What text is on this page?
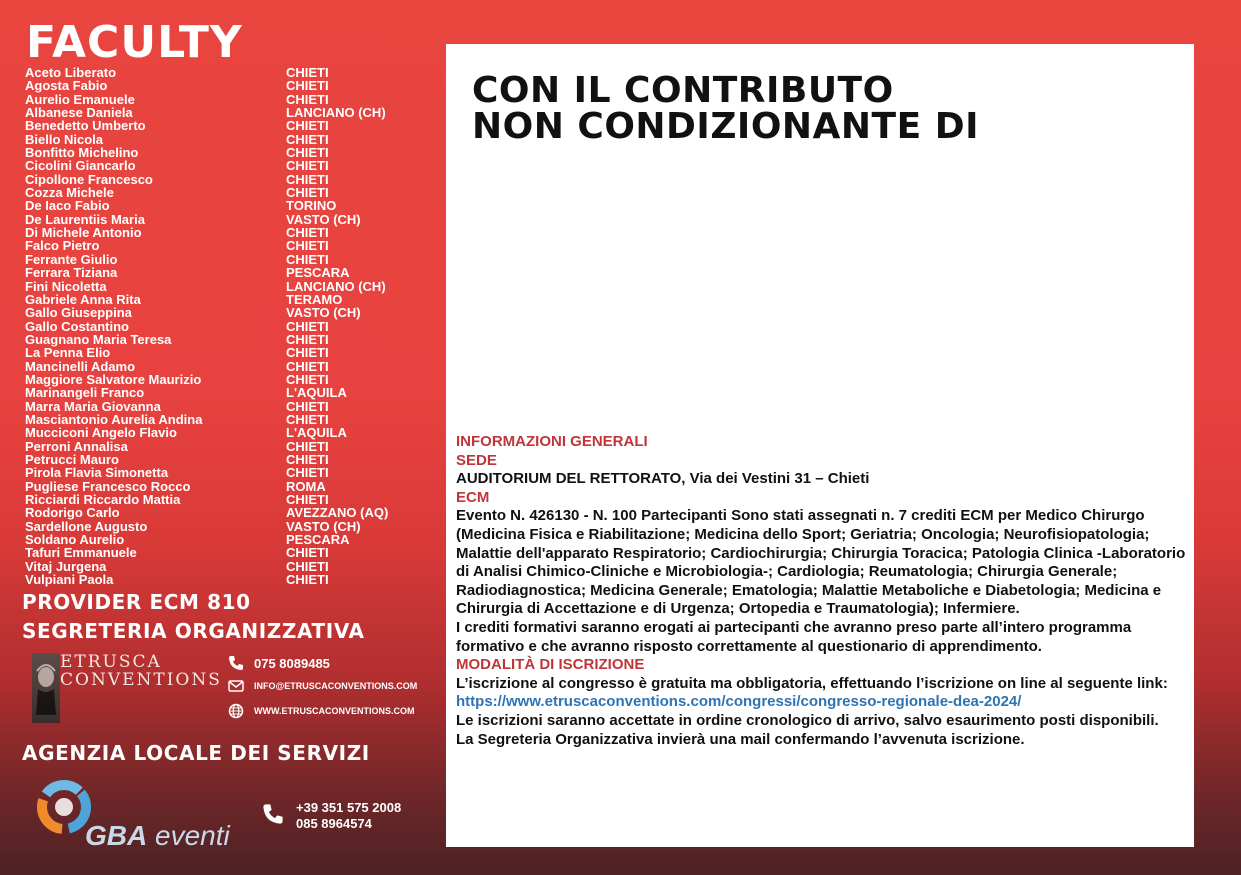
FACULTY
Aceto Liberato	CHIETI
Agosta Fabio	CHIETI
Aurelio Emanuele	CHIETI
Albanese Daniela	LANCIANO (CH)
Benedetto Umberto	CHIETI
Biello Nicola	CHIETI
Bonfitto Michelino	CHIETI
Cicolini Giancarlo	CHIETI
Cipollone Francesco	CHIETI
Cozza Michele	CHIETI
De Iaco Fabio	TORINO
De Laurentiis Maria	VASTO (CH)
Di Michele Antonio	CHIETI
Falco Pietro	CHIETI
Ferrante Giulio	CHIETI
Ferrara Tiziana	PESCARA
Fini Nicoletta	LANCIANO (CH)
Gabriele Anna Rita	TERAMO
Gallo Giuseppina	VASTO (CH)
Gallo Costantino	CHIETI
Guagnano Maria Teresa	CHIETI
La Penna Elio	CHIETI
Mancinelli Adamo	CHIETI
Maggiore Salvatore Maurizio	CHIETI
Marinangeli Franco	L'AQUILA
Marra Maria Giovanna	CHIETI
Masciantonio Aurelia Andina	CHIETI
Mucciconi Angelo Flavio	L'AQUILA
Perroni Annalisa	CHIETI
Petrucci Mauro	CHIETI
Pirola Flavia Simonetta	CHIETI
Pugliese Francesco Rocco	ROMA
Ricciardi Riccardo Mattia	CHIETI
Rodorigo Carlo	AVEZZANO (AQ)
Sardellone Augusto	VASTO (CH)
Soldano Aurelio	PESCARA
Tafuri Emmanuele	CHIETI
Vitaj Jurgena	CHIETI
Vulpiani Paola	CHIETI
PROVIDER ECM 810
SEGRETERIA ORGANIZZATIVA
ETRUSCA
CONVENTIONS
075 8089485
INFO@ETRUSCACONVENTIONS.COM
WWW.ETRUSCACONVENTIONS.COM
AGENZIA LOCALE DEI SERVIZI
GBA eventi
+39 351 575 2008
085 8964574
CON IL CONTRIBUTO
NON CONDIZIONANTE DI

INFORMAZIONI GENERALI

SEDE

AUDITORIUM DEL RETTORATO, Via dei Vestini 31 – Chieti

ECM

Evento N. 426130 - N. 100 Partecipanti Sono stati assegnati n. 7 crediti ECM per Medico Chirurgo (Medicina Fisica e Riabilitazione; Medicina dello Sport; Geriatria; Oncologia; Neurofisiopatologia; Malattie dell'apparato Respiratorio; Cardiochirurgia; Chirurgia Toracica; Patologia Clinica -Laboratorio di Analisi Chimico-Cliniche e Microbiologia-; Cardiologia; Reumatologia; Chirurgia Generale; Radiodiagnostica; Medicina Generale; Ematologia; Malattie Metaboliche e Diabetologia; Medicina e Chirurgia di Accettazione e di Urgenza; Ortopedia e Traumatologia); Infermiere.

I crediti formativi saranno erogati ai partecipanti che avranno preso parte all’intero programma formativo e che avranno risposto correttamente al questionario di apprendimento.

MODALITÀ DI ISCRIZIONE

L’iscrizione al congresso è gratuita ma obbligatoria, effettuando l’iscrizione on line al seguente link:

https://www.etruscaconventions.com/congressi/congresso-regionale-dea-2024/

Le iscrizioni saranno accettate in ordine cronologico di arrivo, salvo esaurimento posti disponibili.

La Segreteria Organizzativa invierà una mail confermando l’avvenuta iscrizione.
